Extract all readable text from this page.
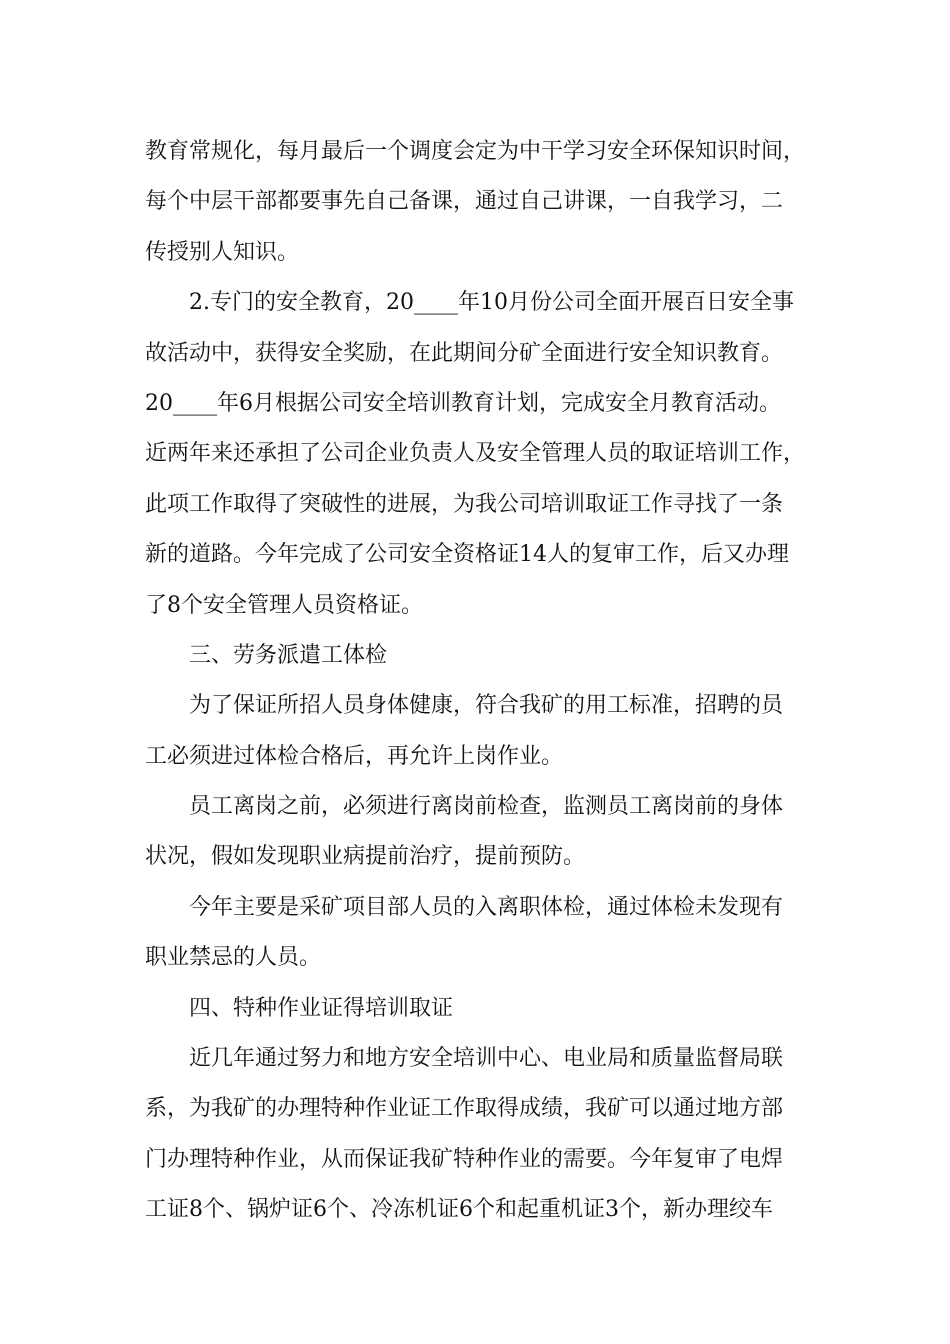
教育常规化，每月最后一个调度会定为中干学习安全环保知识时间，
每个中层干部都要事先自己备课，通过自己讲课，一自我学习，二
传授别人知识。
2.专门的安全教育，20____年10月份公司全面开展百日安全事
故活动中，获得安全奖励，在此期间分矿全面进行安全知识教育。
20____年6月根据公司安全培训教育计划，完成安全月教育活动。
近两年来还承担了公司企业负责人及安全管理人员的取证培训工作，
此项工作取得了突破性的进展，为我公司培训取证工作寻找了一条
新的道路。今年完成了公司安全资格证14人的复审工作，后又办理
了8个安全管理人员资格证。
三、劳务派遣工体检
为了保证所招人员身体健康，符合我矿的用工标准，招聘的员
工必须进过体检合格后，再允许上岗作业。
员工离岗之前，必须进行离岗前检查，监测员工离岗前的身体
状况，假如发现职业病提前治疗，提前预防。
今年主要是采矿项目部人员的入离职体检，通过体检未发现有
职业禁忌的人员。
四、特种作业证得培训取证
近几年通过努力和地方安全培训中心、电业局和质量监督局联
系，为我矿的办理特种作业证工作取得成绩，我矿可以通过地方部
门办理特种作业，从而保证我矿特种作业的需要。今年复审了电焊
工证8个、锅炉证6个、冷冻机证6个和起重机证3个，新办理绞车
